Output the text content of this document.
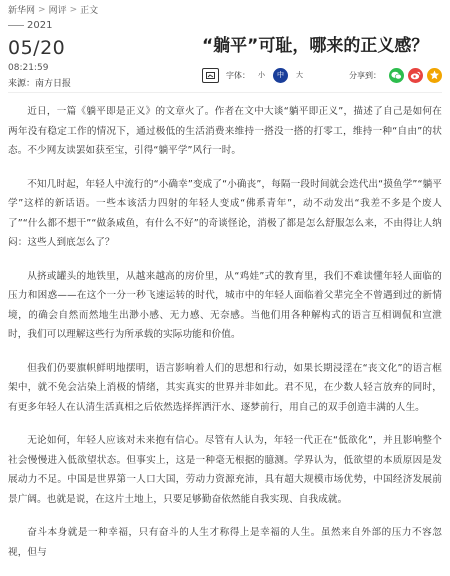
新华网 > 网评 > 正文
2021
05/20
08:21:59
来源：南方日报
“躺平”可耻，哪来的正义感？
字体：	小	中	大	分享到：

近日，一篇《躺平即是正义》的文章火了。作者在文中大谈“躺平即正义”，描述了自己是如何在两年没有稳定工作的情况下，通过极低的生活消费来维持一搭没一搭的打零工，维持一种“自由”的状态。不少网友读罢如获至宝，引得“躺平学”风行一时。

不知几时起，年轻人中流行的“小确幸”变成了“小确丧”，每隔一段时间就会迭代出“摸鱼学”“躺平学”这样的新话语。一些本该活力四射的年轻人变成“佛系青年”，动不动发出“我差不多是个废人了”“什么都不想干”“做条咸鱼，有什么不好”的奇谈怪论，消极了都是怎么舒服怎么来，不由得让人纳闷：这些人到底怎么了？

从挤或罐头的地铁里，从越来越高的房价里，从“鸡娃”式的教育里，我们不难读懂年轻人面临的压力和困惑——在这个一分一秒飞速运转的时代，城市中的年轻人面临着父辈完全不曾遇到过的新情境，的确会自然而然地生出渺小感、无力感、无奈感。当他们用各种解构式的语言互相调侃和宣泄时，我们可以理解这些行为所承载的实际功能和价值。

但我们仍要旗帜鲜明地摆明，语言影响着人们的思想和行动，如果长期浸淫在“丧文化”的语言框架中，就不免会沾染上消极的情绪，其实真实的世界并非如此。君不见，在少数人轻言放弃的同时，有更多年轻人在认清生活真相之后依然选择挥洒汗水、逐梦前行，用自己的双手创造丰满的人生。

无论如何，年轻人应该对未来抱有信心。尽管有人认为，年轻一代正在“低欲化”，并且影响整个社会慢慢进入低欲望状态。但事实上，这是一种毫无根据的臆测。学界认为，低欲望的本质原因是发展动力不足。中国是世界第一人口大国，劳动力资源充沛，具有超大规模市场优势，中国经济发展前景广阔。也就是说，在这片土地上，只要足够勤奋依然能自我实现、自我成就。

奋斗本身就是一种幸福，只有奋斗的人生才称得上是幸福的人生。虽然来自外部的压力不容忽视，但与
